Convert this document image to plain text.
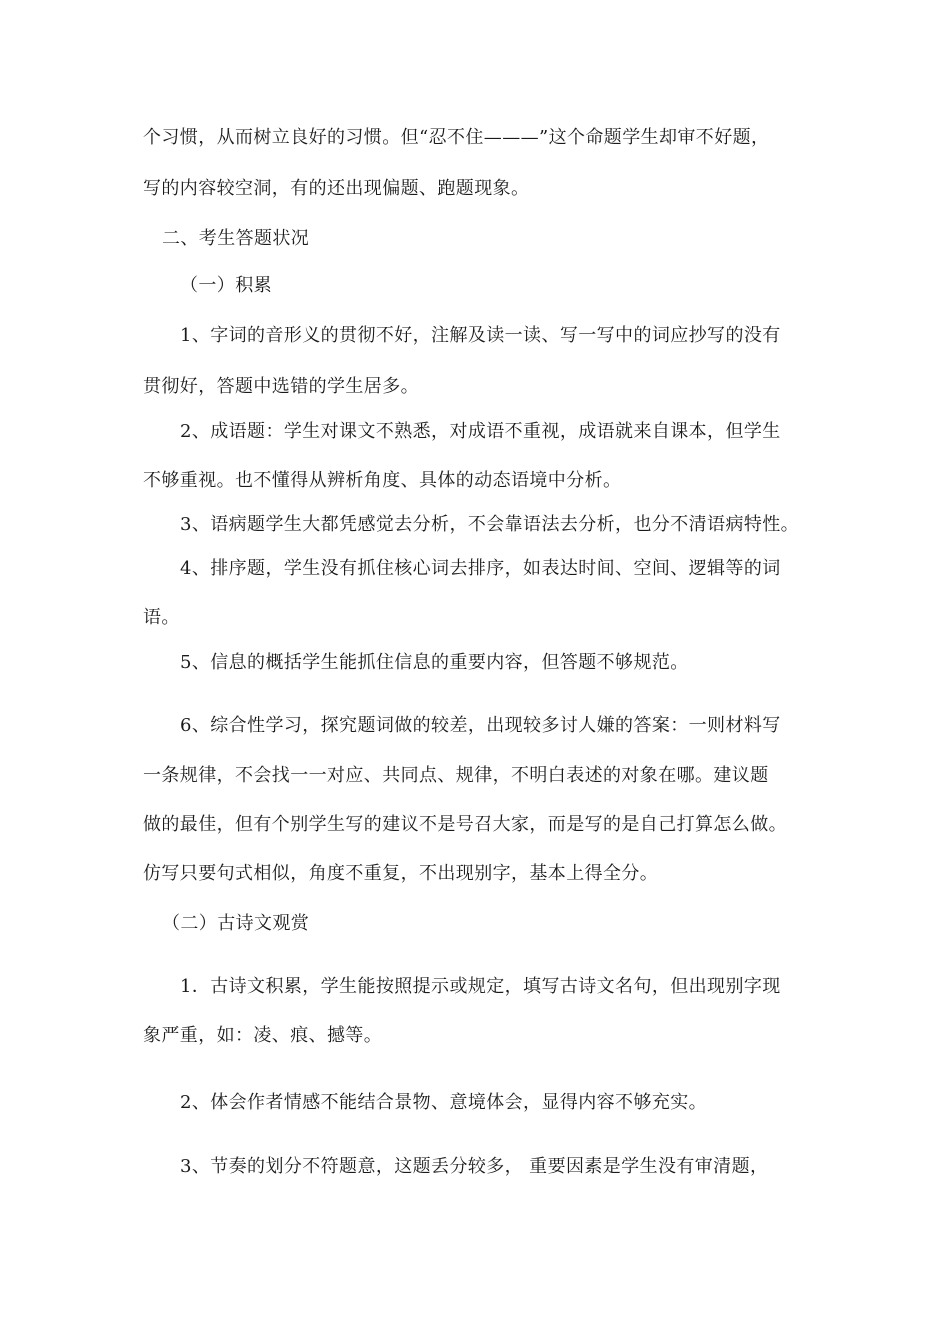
个习惯，从而树立良好的习惯。但“忍不住———”这个命题学生却审不好题，
写的内容较空洞，有的还出现偏题、跑题现象。
二、考生答题状况
（一）积累
1、字词的音形义的贯彻不好，注解及读一读、写一写中的词应抄写的没有
贯彻好，答题中选错的学生居多。
2、成语题：学生对课文不熟悉，对成语不重视，成语就来自课本，但学生
不够重视。也不懂得从辨析角度、具体的动态语境中分析。
3、语病题学生大都凭感觉去分析，不会靠语法去分析，也分不清语病特性。
4、排序题，学生没有抓住核心词去排序，如表达时间、空间、逻辑等的词
语。
5、信息的概括学生能抓住信息的重要内容，但答题不够规范。
6、综合性学习，探究题词做的较差，出现较多讨人嫌的答案：一则材料写
一条规律，不会找一一对应、共同点、规律，不明白表述的对象在哪。建议题
做的最佳，但有个别学生写的建议不是号召大家，而是写的是自己打算怎么做。
仿写只要句式相似，角度不重复，不出现别字，基本上得全分。
（二）古诗文观赏
1．古诗文积累，学生能按照提示或规定，填写古诗文名句，但出现别字现
象严重，如：凌、痕、撼等。
2、体会作者情感不能结合景物、意境体会，显得内容不够充实。
3、节奏的划分不符题意，这题丢分较多， 重要因素是学生没有审清题，
